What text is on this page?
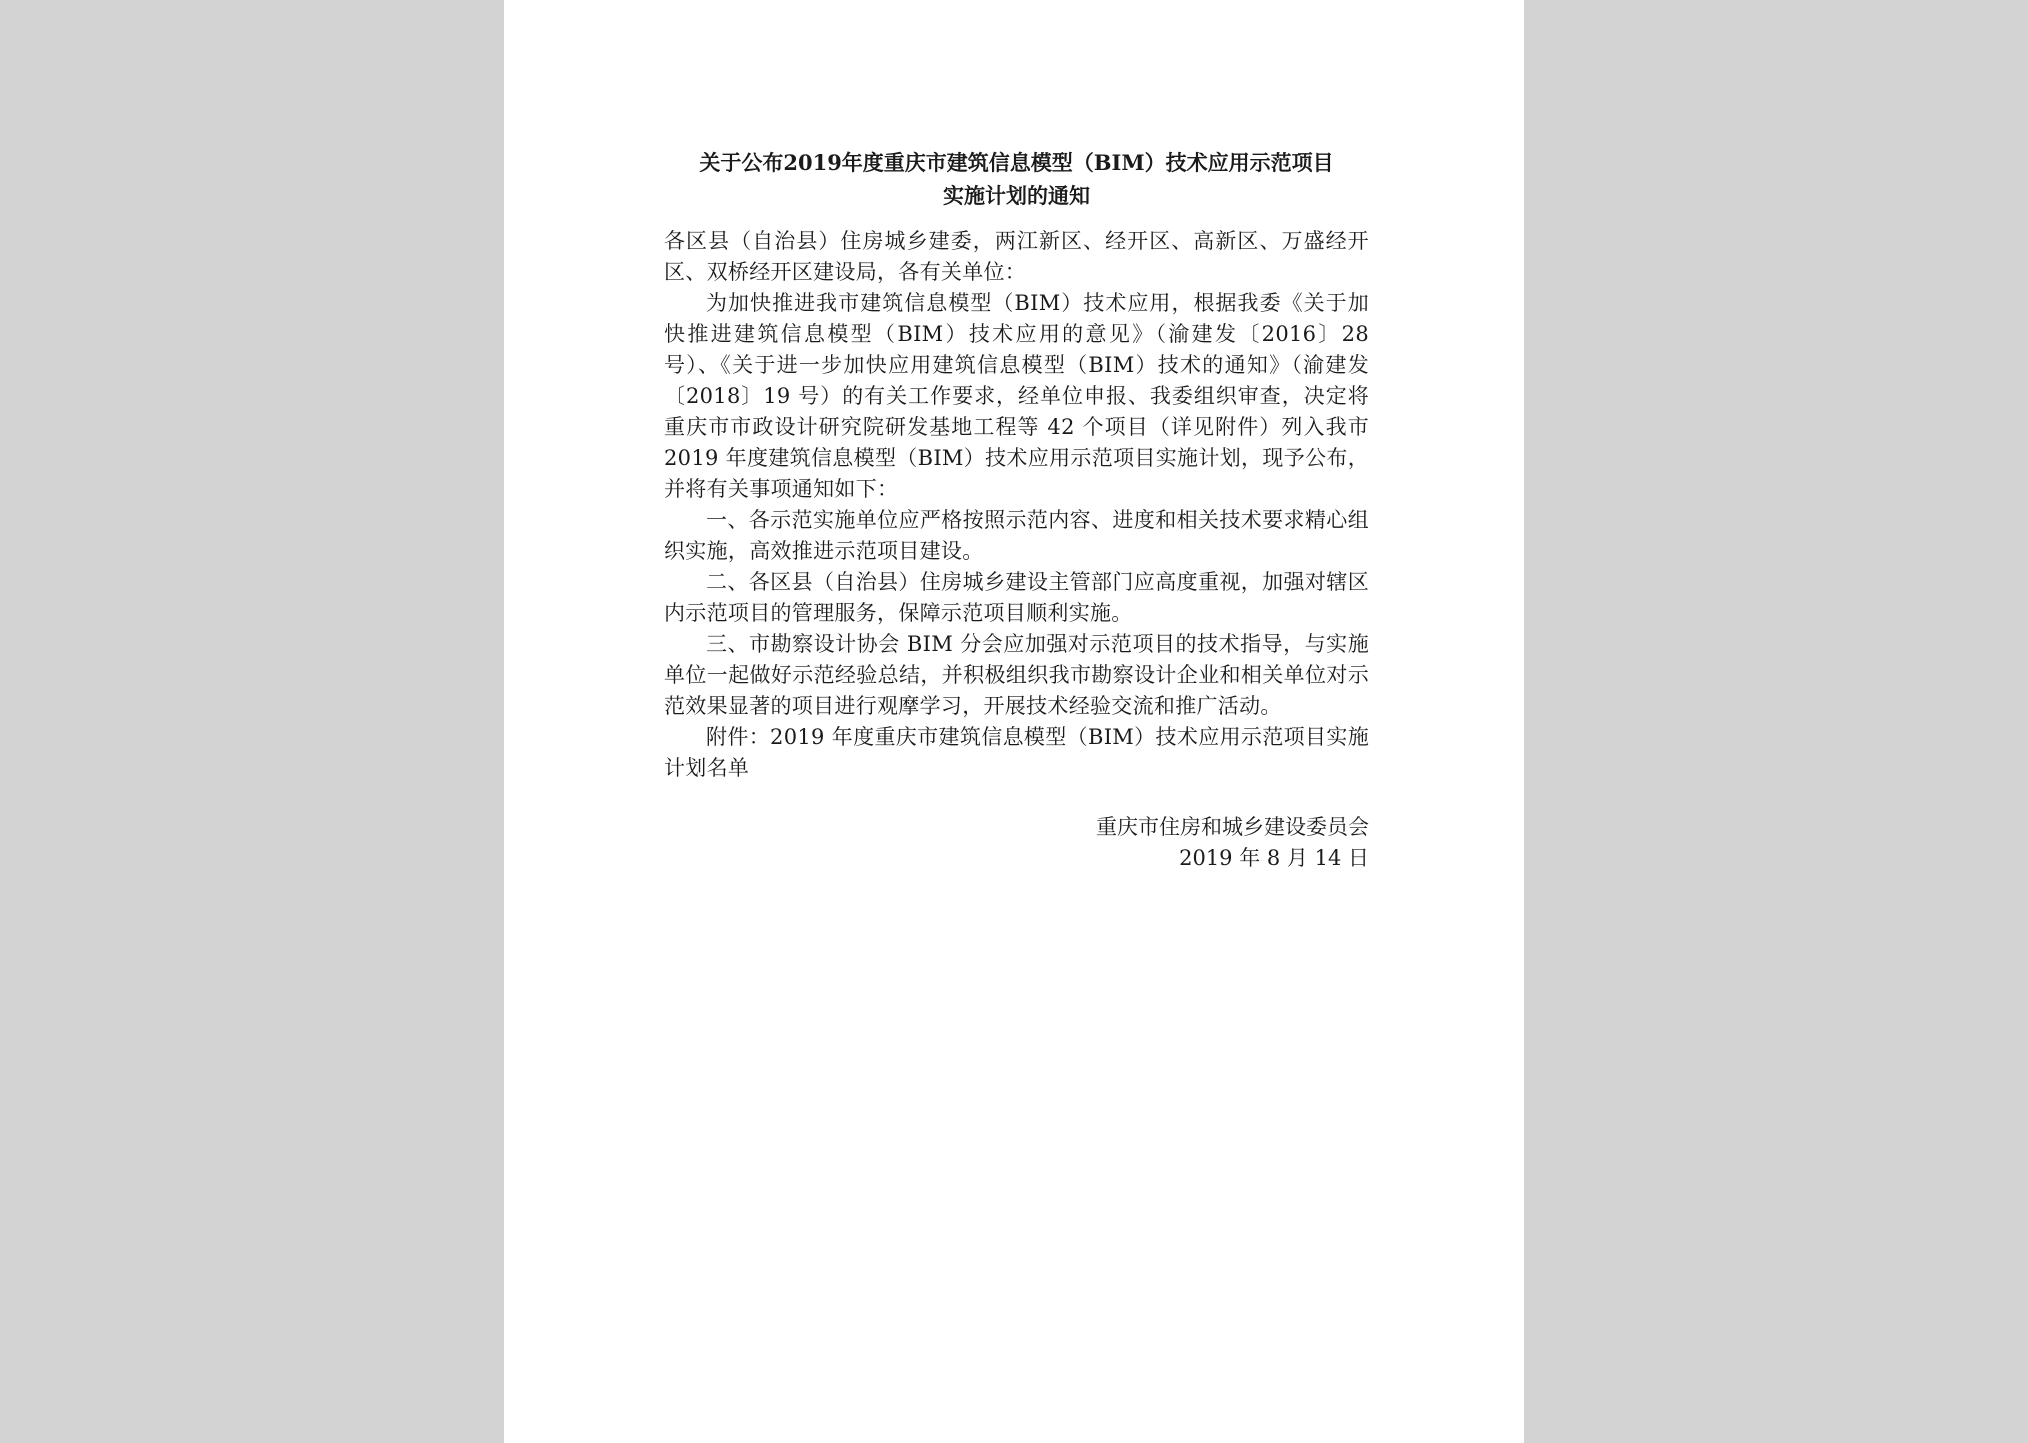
关于公布2019年度重庆市建筑信息模型（BIM）技术应用示范项目

实施计划的通知

各区县（自治县）住房城乡建委，两江新区、经开区、高新区、万盛经开区、双桥经开区建设局，各有关单位：

为加快推进我市建筑信息模型（BIM）技术应用，根据我委《关于加快推进建筑信息模型（BIM）技术应用的意见》（渝建发〔2016〕28 号）、《关于进一步加快应用建筑信息模型（BIM）技术的通知》（渝建发〔2018〕19 号）的有关工作要求，经单位申报、我委组织审查，决定将重庆市市政设计研究院研发基地工程等 42 个项目（详见附件）列入我市 2019 年度建筑信息模型（BIM）技术应用示范项目实施计划，现予公布，并将有关事项通知如下：

一、各示范实施单位应严格按照示范内容、进度和相关技术要求精心组织实施，高效推进示范项目建设。

二、各区县（自治县）住房城乡建设主管部门应高度重视，加强对辖区内示范项目的管理服务，保障示范项目顺利实施。

三、市勘察设计协会 BIM 分会应加强对示范项目的技术指导，与实施单位一起做好示范经验总结，并积极组织我市勘察设计企业和相关单位对示范效果显著的项目进行观摩学习，开展技术经验交流和推广活动。

附件：2019 年度重庆市建筑信息模型（BIM）技术应用示范项目实施计划名单

重庆市住房和城乡建设委员会
2019 年 8 月 14 日
